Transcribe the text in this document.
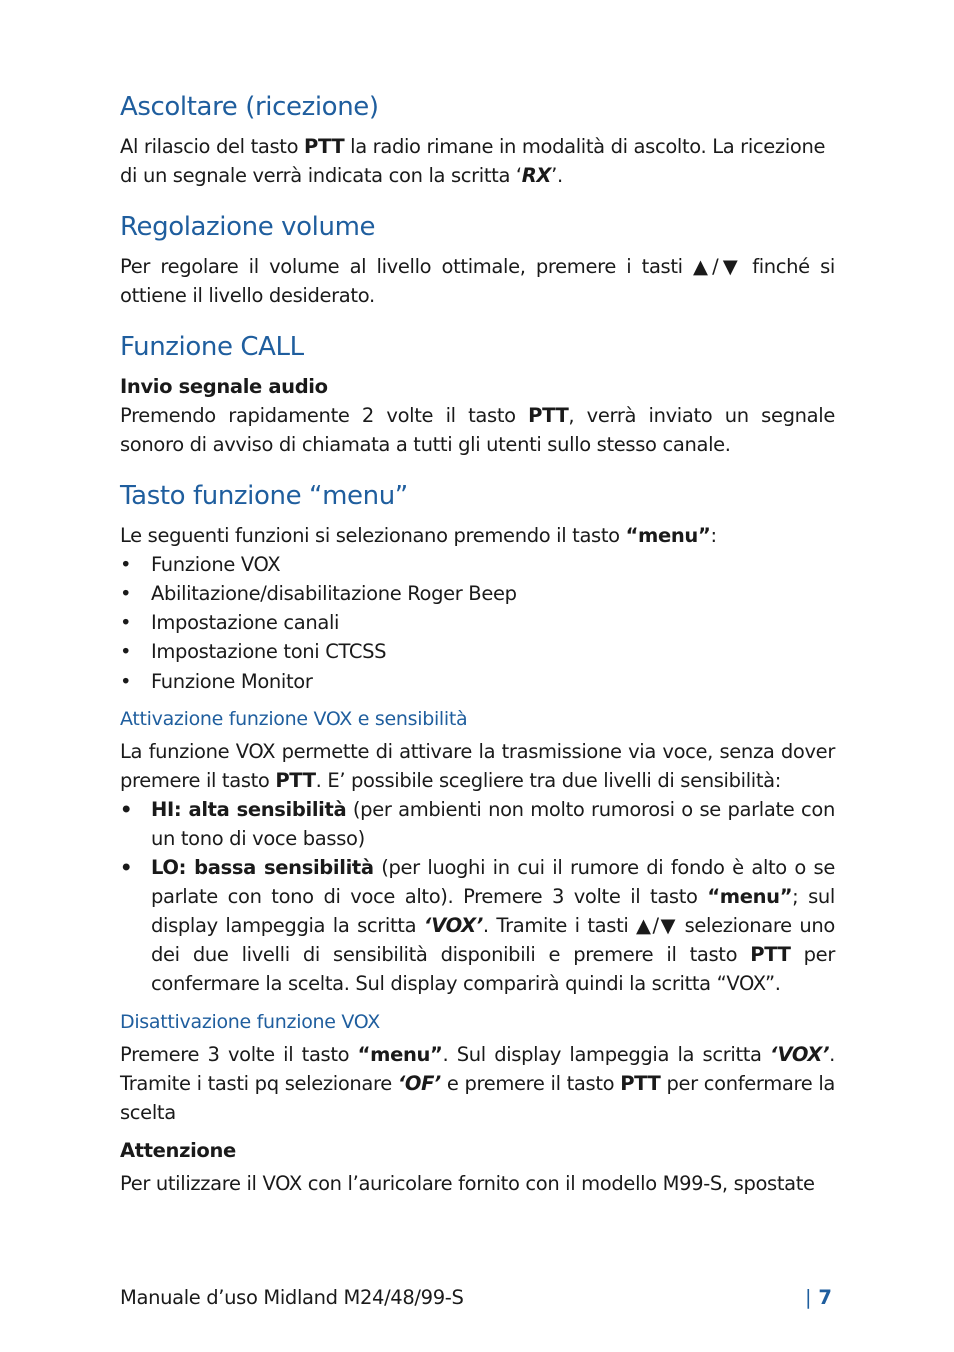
Ascoltare (ricezione)

Al rilascio del tasto PTT la radio rimane in modalità di ascolto. La ricezione di un segnale verrà indicata con la scritta ‘RX’.

Regolazione volume

Per regolare il volume al livello ottimale, premere i tasti ▲/▼ finché si ottiene il livello desiderato.

Funzione CALL
Invio segnale audio

Premendo rapidamente 2 volte il tasto PTT, verrà inviato un segnale sonoro di avviso di chiamata a tutti gli utenti sullo stesso canale.

Tasto funzione “menu”

Le seguenti funzioni si selezionano premendo il tasto “menu”:

•	Funzione VOX
•	Abilitazione/disabilitazione Roger Beep
•	Impostazione canali
•	Impostazione toni CTCSS
•	Funzione Monitor
Attivazione funzione VOX e sensibilità

La funzione VOX permette di attivare la trasmissione via voce, senza dover premere il tasto PTT. E’ possibile scegliere tra due livelli di sensibilità:

• HI: alta sensibilità (per ambienti non molto rumorosi o se parlate con un tono di voce basso)
• LO: bassa sensibilità (per luoghi in cui il rumore di fondo è alto o se parlate con tono di voce alto). Premere 3 volte il tasto “menu”; sul display lampeggia la scritta ‘VOX’. Tramite i tasti ▲/▼ selezionare uno dei due livelli di sensibilità disponibili e premere il tasto PTT per confermare la scelta. Sul display comparirà quindi la scritta “VOX”.
Disattivazione funzione VOX

Premere 3 volte il tasto “menu”. Sul display lampeggia la scritta ‘VOX’. Tramite i tasti pq selezionare ‘OF’ e premere il tasto PTT per confermare la scelta

Attenzione

Per utilizzare il VOX con l’auricolare fornito con il modello M99-S, spostate

Manuale d’uso Midland M24/48/99-S	| 7
